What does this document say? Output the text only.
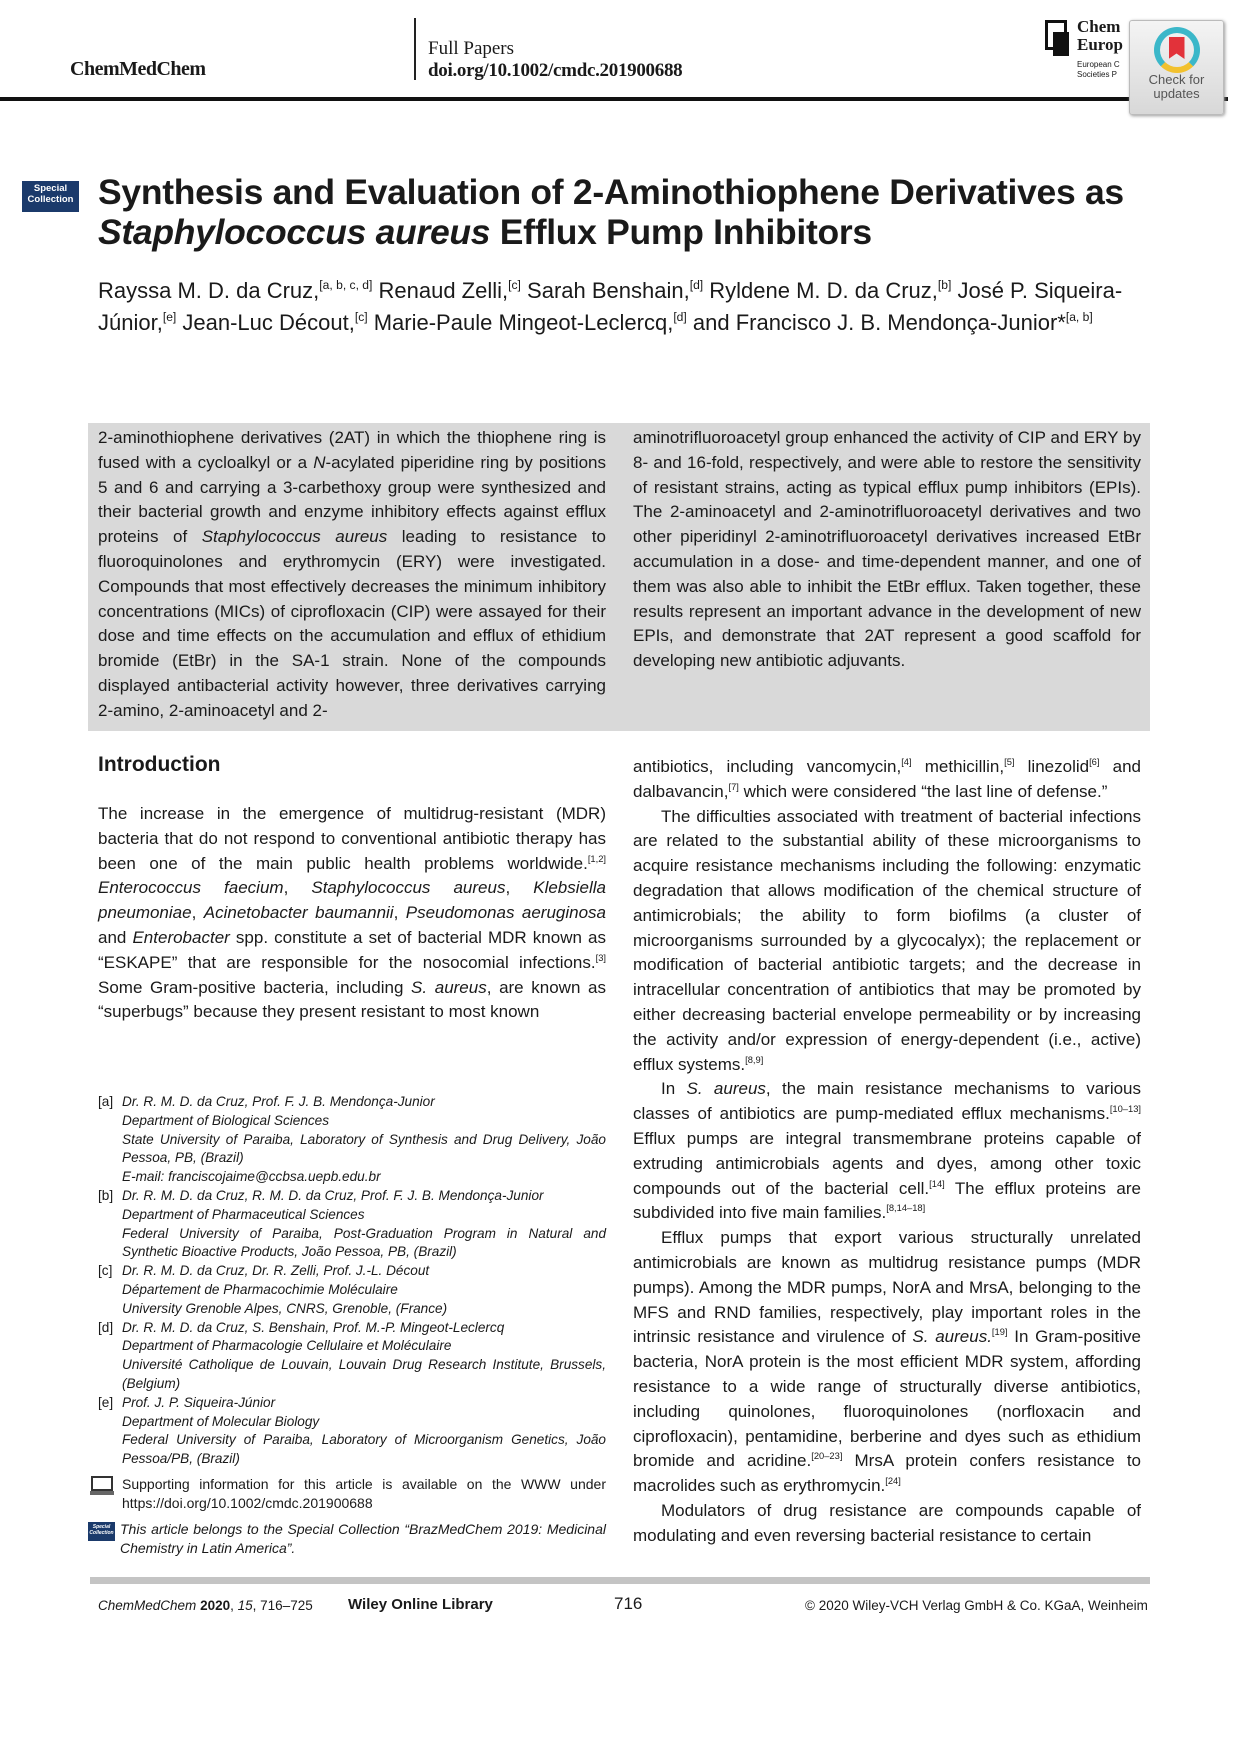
ChemMedChem
Full Papers
doi.org/10.1002/cmdc.201900688
Chem
Europ
European C
Societies P	Check for
updates
Special
Collection Synthesis and Evaluation of 2-Aminothiophene Derivatives as Staphylococcus aureus Efflux Pump Inhibitors
Rayssa M. D. da Cruz,[a, b, c, d] Renaud Zelli,[c] Sarah Benshain,[d] Ryldene M. D. da Cruz,[b] José P. Siqueira-Júnior,[e] Jean-Luc Décout,[c] Marie-Paule Mingeot-Leclercq,[d] and Francisco J. B. Mendonça-Junior*[a, b]
2-aminothiophene derivatives (2AT) in which the thiophene ring is fused with a cycloalkyl or a N-acylated piperidine ring by positions 5 and 6 and carrying a 3-carbethoxy group were synthesized and their bacterial growth and enzyme inhibitory effects against efflux proteins of Staphylococcus aureus leading to resistance to fluoroquinolones and erythromycin (ERY) were investigated. Compounds that most effectively decreases the minimum inhibitory concentrations (MICs) of ciprofloxacin (CIP) were assayed for their dose and time effects on the accumulation and efflux of ethidium bromide (EtBr) in the SA-1 strain. None of the compounds displayed antibacterial activity however, three derivatives carrying 2-amino, 2-aminoacetyl and 2-
aminotrifluoroacetyl group enhanced the activity of CIP and ERY by 8- and 16-fold, respectively, and were able to restore the sensitivity of resistant strains, acting as typical efflux pump inhibitors (EPIs). The 2-aminoacetyl and 2-aminotrifluoroacetyl derivatives and two other piperidinyl 2-aminotrifluoroacetyl derivatives increased EtBr accumulation in a dose- and time-dependent manner, and one of them was also able to inhibit the EtBr efflux. Taken together, these results represent an important advance in the development of new EPIs, and demonstrate that 2AT represent a good scaffold for developing new antibiotic adjuvants.
Introduction

The increase in the emergence of multidrug-resistant (MDR) bacteria that do not respond to conventional antibiotic therapy has been one of the main public health problems worldwide.[1,2] Enterococcus faecium, Staphylococcus aureus, Klebsiella pneumoniae, Acinetobacter baumannii, Pseudomonas aeruginosa and Enterobacter spp. constitute a set of bacterial MDR known as “ESKAPE” that are responsible for the nosocomial infections.[3] Some Gram-positive bacteria, including S. aureus, are known as “superbugs” because they present resistant to most known

antibiotics, including vancomycin,[4] methicillin,[5] linezolid[6] and dalbavancin,[7] which were considered “the last line of defense.”

The difficulties associated with treatment of bacterial infections are related to the substantial ability of these microorganisms to acquire resistance mechanisms including the following: enzymatic degradation that allows modification of the chemical structure of antimicrobials; the ability to form biofilms (a cluster of microorganisms surrounded by a glycocalyx); the replacement or modification of bacterial antibiotic targets; and the decrease in intracellular concentration of antibiotics that may be promoted by either decreasing bacterial envelope permeability or by increasing the activity and/or expression of energy-dependent (i.e., active) efflux systems.[8,9]

In S. aureus, the main resistance mechanisms to various classes of antibiotics are pump-mediated efflux mechanisms.[10–13] Efflux pumps are integral transmembrane proteins capable of extruding antimicrobials agents and dyes, among other toxic compounds out of the bacterial cell.[14] The efflux proteins are subdivided into five main families.[8,14–18]

Efflux pumps that export various structurally unrelated antimicrobials are known as multidrug resistance pumps (MDR pumps). Among the MDR pumps, NorA and MrsA, belonging to the MFS and RND families, respectively, play important roles in the intrinsic resistance and virulence of S. aureus.[19] In Gram-positive bacteria, NorA protein is the most efficient MDR system, affording resistance to a wide range of structurally diverse antibiotics, including quinolones, fluoroquinolones (norfloxacin and ciprofloxacin), pentamidine, berberine and dyes such as ethidium bromide and acridine.[20–23] MrsA protein confers resistance to macrolides such as erythromycin.[24]

Modulators of drug resistance are compounds capable of modulating and even reversing bacterial resistance to certain

[a] Dr. R. M. D. da Cruz, Prof. F. J. B. Mendonça-Junior
Department of Biological Sciences
State University of Paraiba, Laboratory of Synthesis and Drug Delivery, João Pessoa, PB, (Brazil)
E-mail: franciscojaime@ccbsa.uepb.edu.br
[b] Dr. R. M. D. da Cruz, R. M. D. da Cruz, Prof. F. J. B. Mendonça-Junior
Department of Pharmaceutical Sciences
Federal University of Paraiba, Post-Graduation Program in Natural and Synthetic Bioactive Products, João Pessoa, PB, (Brazil)
[c] Dr. R. M. D. da Cruz, Dr. R. Zelli, Prof. J.-L. Décout
Département de Pharmacochimie Moléculaire
University Grenoble Alpes, CNRS, Grenoble, (France)
[d] Dr. R. M. D. da Cruz, S. Benshain, Prof. M.-P. Mingeot-Leclercq
Department of Pharmacologie Cellulaire et Moléculaire
Université Catholique de Louvain, Louvain Drug Research Institute, Brussels, (Belgium)
[e] Prof. J. P. Siqueira-Júnior
Department of Molecular Biology
Federal University of Paraiba, Laboratory of Microorganism Genetics, João Pessoa/PB, (Brazil)
Supporting information for this article is available on the WWW under https://doi.org/10.1002/cmdc.201900688
Special
Collection This article belongs to the Special Collection “BrazMedChem 2019: Medicinal Chemistry in Latin America”.
ChemMedChem 2020, 15, 716–725 Wiley Online Library	716	© 2020 Wiley-VCH Verlag GmbH & Co. KGaA, Weinheim
